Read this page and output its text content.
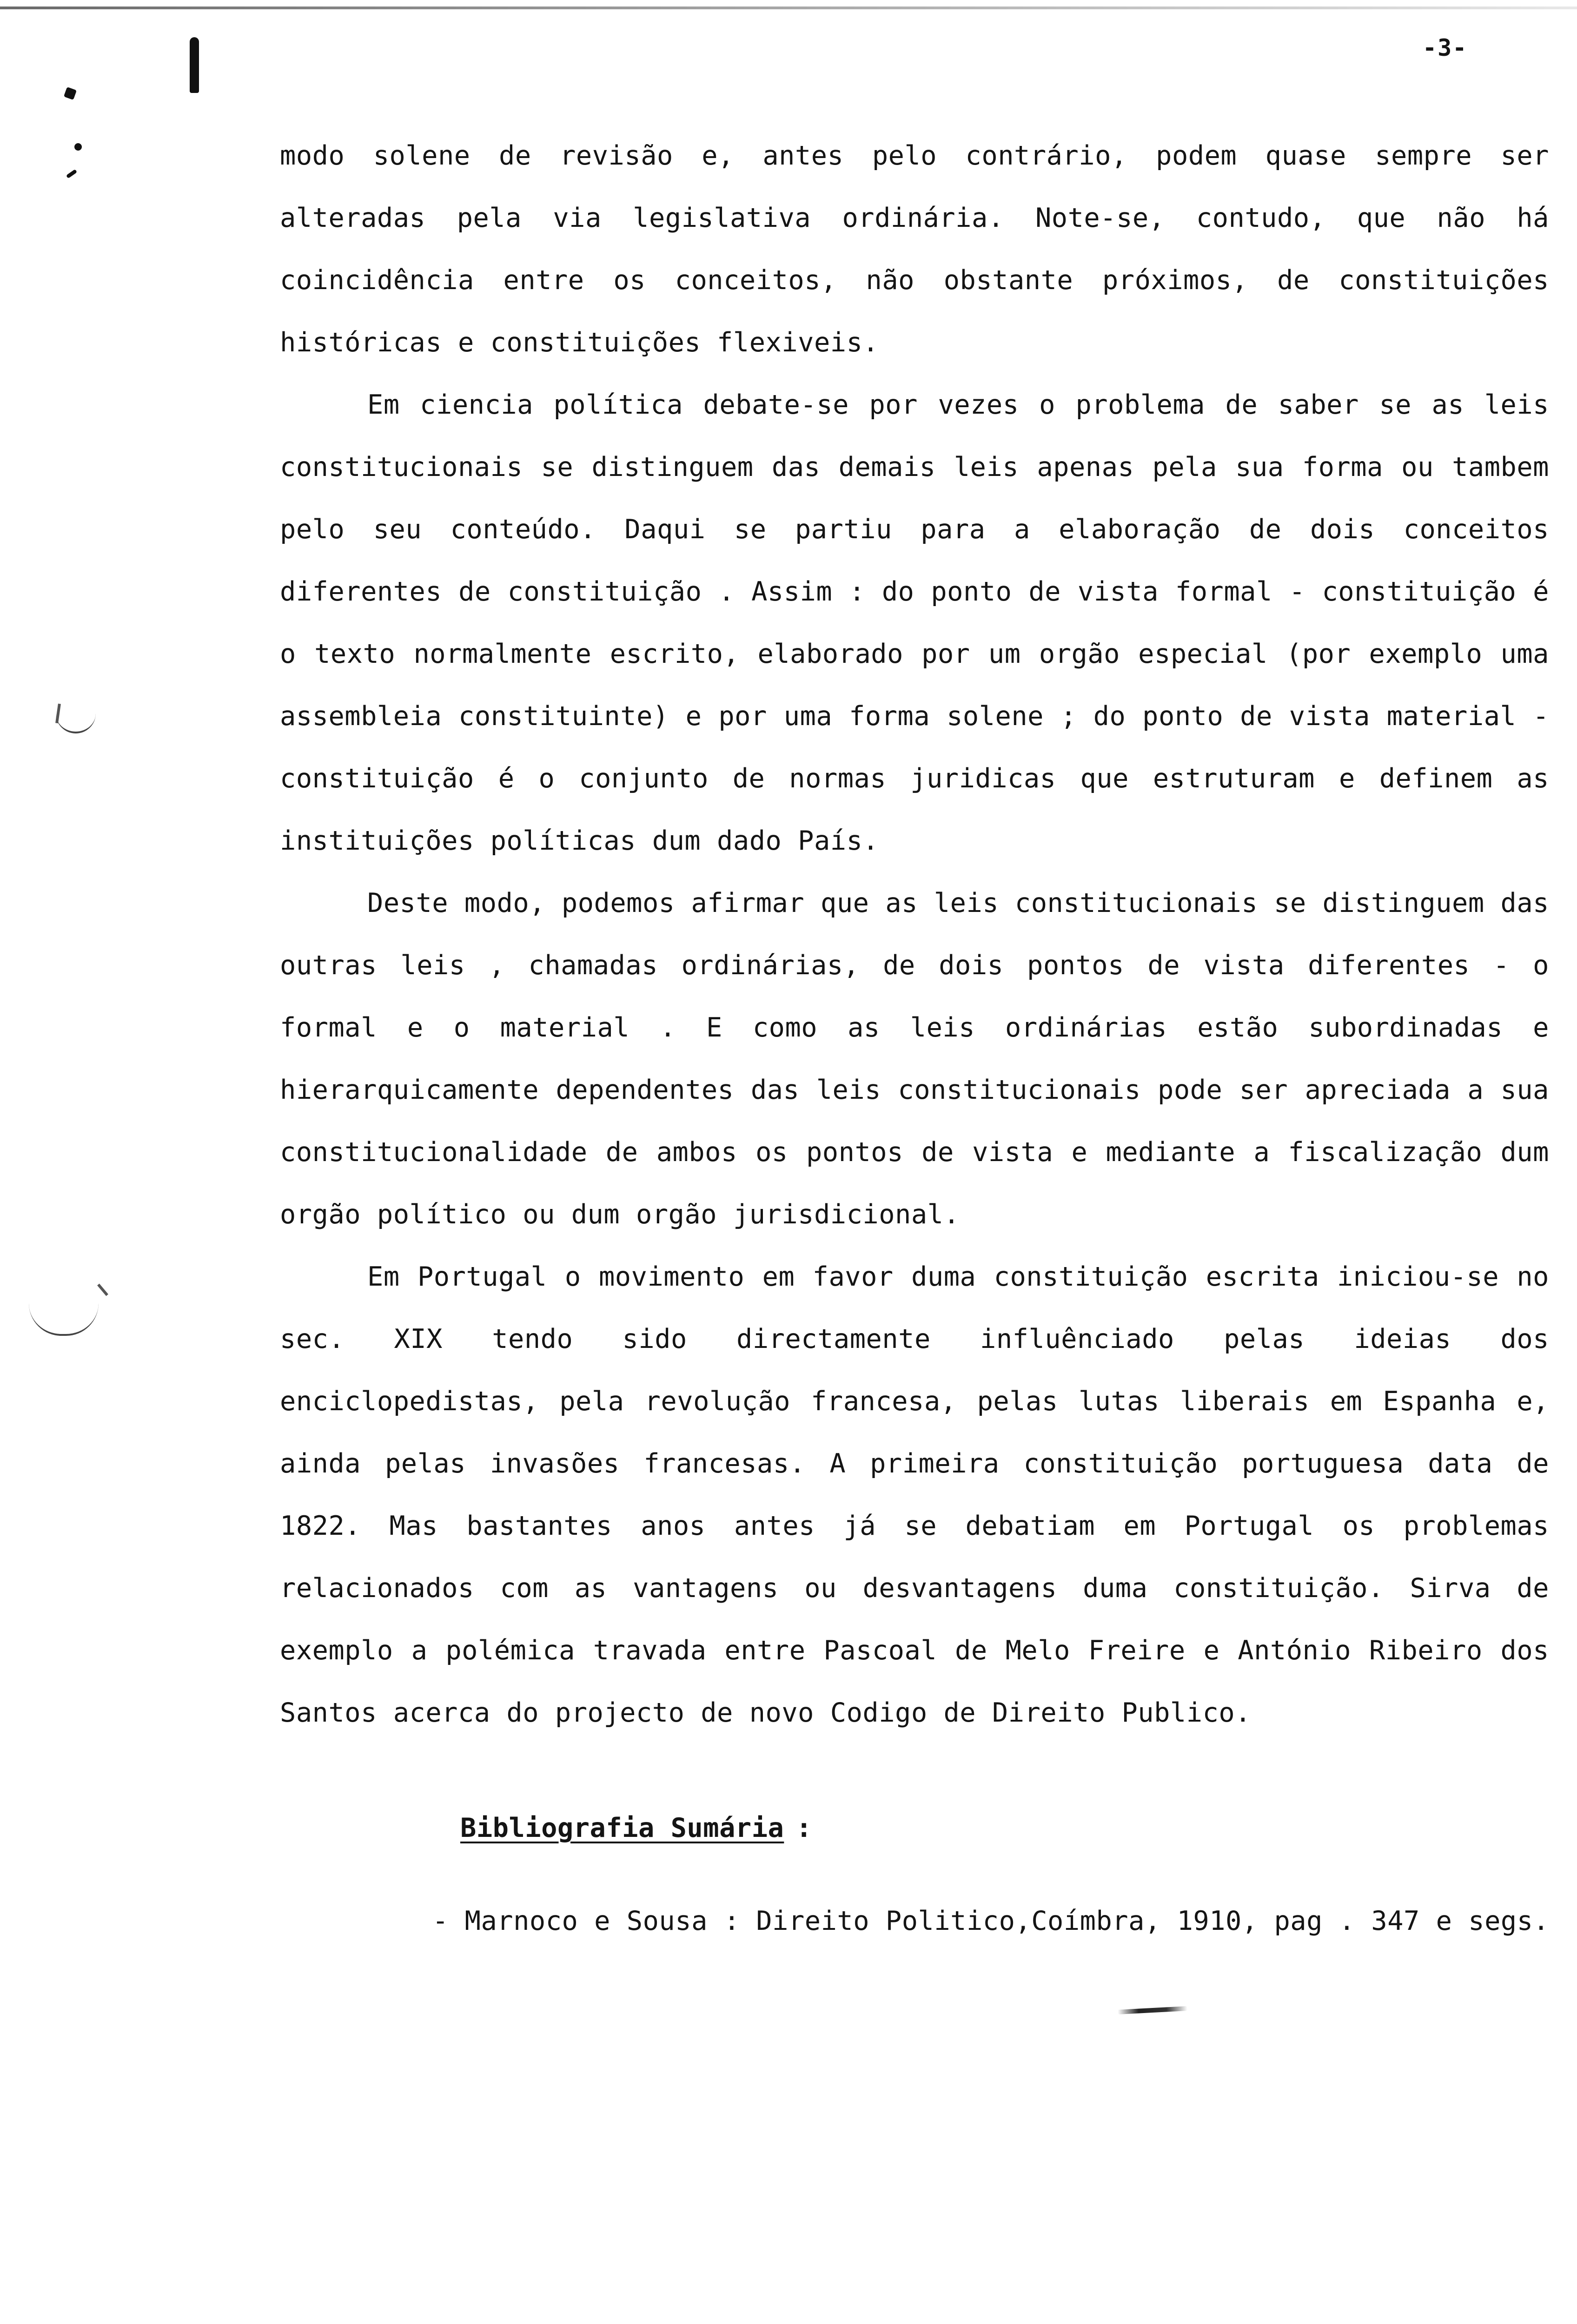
-3-

modo solene de revisão e, antes pelo contrário, podem quase sempre ser alteradas pela via legislativa ordinária. Note-se, contudo, que não há coincidência entre os conceitos, não obstante próximos, de constituições históricas e constituições flexiveis.

Em ciencia política debate-se por vezes o problema de saber se as leis constitucionais se distinguem das demais leis apenas pela sua forma ou tambem pelo seu conteúdo. Daqui se partiu para a elaboração de dois conceitos diferentes de constituição . Assim : do ponto de vista formal - constituição é o texto normalmente escrito, elaborado por um orgão especial (por exemplo uma assembleia constituinte) e por uma forma solene ; do ponto de vista material - constituição é o conjunto de normas juridicas que estruturam e definem as instituições políticas dum dado País.

Deste modo, podemos afirmar que as leis constitucionais se distinguem das outras leis , chamadas ordinárias, de dois pontos de vista diferentes - o formal e o material . E como as leis ordinárias estão subordinadas e hierarquicamente dependentes das leis constitucionais pode ser apreciada a sua constitucionalidade de ambos os pontos de vista e mediante a fiscalização dum orgão político ou dum orgão jurisdicional.

Em Portugal o movimento em favor duma constituição escrita iniciou-se no sec. XIX tendo sido directamente influênciado pelas ideias dos enciclopedistas, pela revolução francesa, pelas lutas liberais em Espanha e, ainda pelas invasões francesas. A primeira constituição portuguesa data de 1822. Mas bastantes anos antes já se debatiam em Portugal os problemas relacionados com as vantagens ou desvantagens duma constituição. Sirva de exemplo a polémica travada entre Pascoal de Melo Freire e António Ribeiro dos Santos acerca do projecto de novo Codigo de Direito Publico.

Bibliografia Sumária :
- Marnoco e Sousa : Direito Politico,Coímbra, 1910, pag . 347 e segs.
